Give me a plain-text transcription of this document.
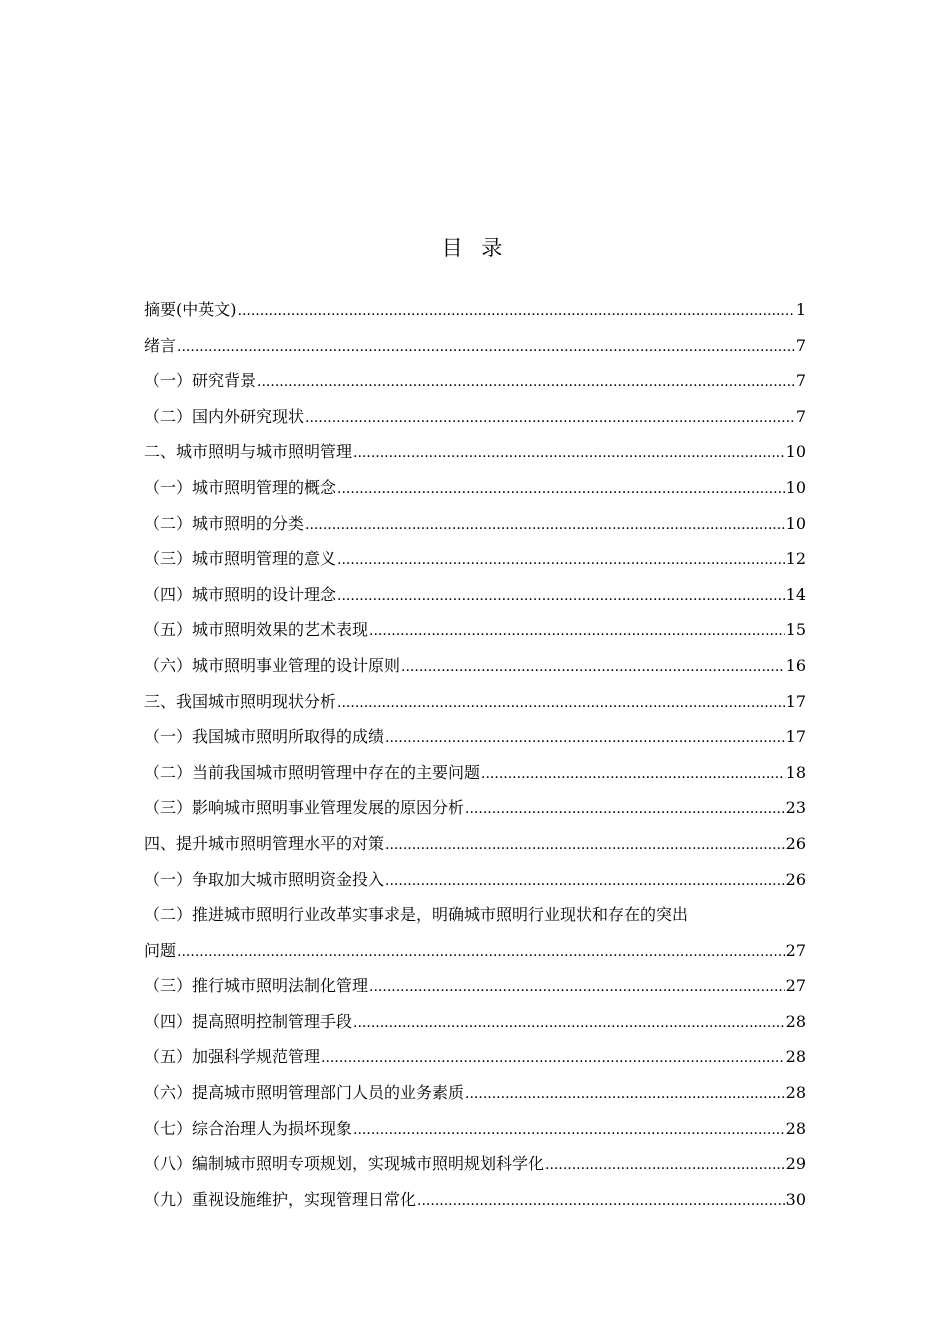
目 录
摘要(中英文) .....	1
绪言 .....	7
（一）研究背景 .....	7
（二）国内外研究现状 .....	7
二、城市照明与城市照明管理 .....	10
（一）城市照明管理的概念 .....	10
（二）城市照明的分类 .....	10
（三）城市照明管理的意义 .....	12
（四）城市照明的设计理念 .....	14
（五）城市照明效果的艺术表现 .....	15
（六）城市照明事业管理的设计原则 .....	16
三、我国城市照明现状分析 .....	17
（一）我国城市照明所取得的成绩 .....	17
（二）当前我国城市照明管理中存在的主要问题 .....	18
（三）影响城市照明事业管理发展的原因分析 .....	23
四、提升城市照明管理水平的对策 .....	26
（一）争取加大城市照明资金投入 .....	26
（二）推进城市照明行业改革实事求是，明确城市照明行业现状和存在的突出
问题 .....	27
（三）推行城市照明法制化管理 .....	27
（四）提高照明控制管理手段 .....	28
（五）加强科学规范管理 .....	28
（六）提高城市照明管理部门人员的业务素质 .....	28
（七）综合治理人为损坏现象 .....	28
（八）编制城市照明专项规划，实现城市照明规划科学化 .....	29
（九）重视设施维护，实现管理日常化 .....	30
